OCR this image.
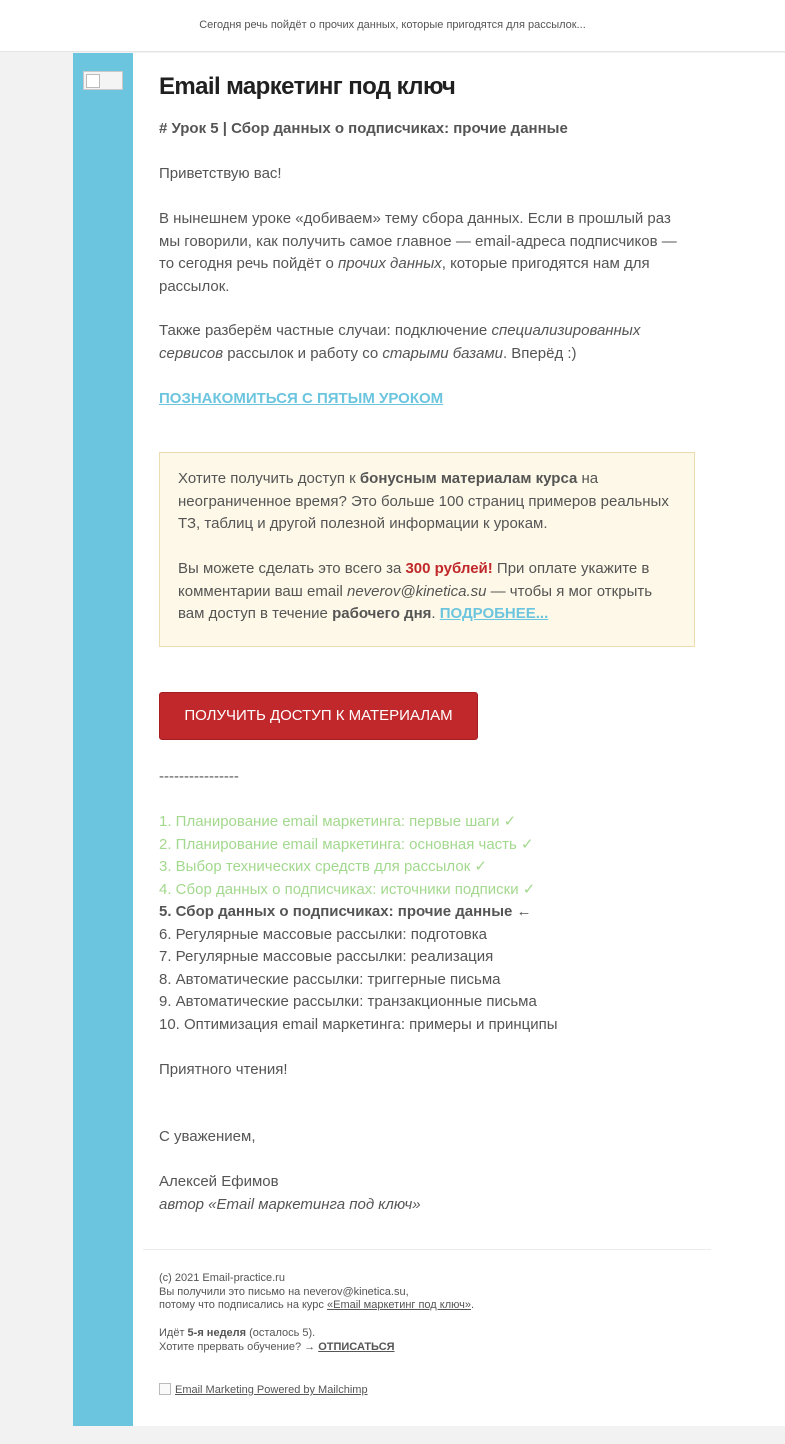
Сегодня речь пойдёт о прочих данных, которые пригодятся для рассылок...
Email маркетинг под ключ
# Урок 5 | Сбор данных о подписчиках: прочие данные
Приветствую вас!
В нынешнем уроке «добиваем» тему сбора данных. Если в прошлый раз мы говорили, как получить самое главное — email-адреса подписчиков — то сегодня речь пойдёт о прочих данных, которые пригодятся нам для рассылок.
Также разберём частные случаи: подключение специализированных сервисов рассылок и работу со старыми базами. Вперёд :)
ПОЗНАКОМИТЬСЯ С ПЯТЫМ УРОКОМ

Хотите получить доступ к бонусным материалам курса на неограниченное время? Это больше 100 страниц примеров реальных ТЗ, таблиц и другой полезной информации к урокам.

Вы можете сделать это всего за 300 рублей! При оплате укажите в комментарии ваш email neverov@kinetica.su — чтобы я мог открыть вам доступ в течение рабочего дня. ПОДРОБНЕЕ...

ПОЛУЧИТЬ ДОСТУП К МАТЕРИАЛАМ
----------------
1. Планирование email маркетинга: первые шаги ✓
2. Планирование email маркетинга: основная часть ✓
3. Выбор технических средств для рассылок ✓
4. Сбор данных о подписчиках: источники подписки ✓
5. Сбор данных о подписчиках: прочие данные ←
6. Регулярные массовые рассылки: подготовка
7. Регулярные массовые рассылки: реализация
8. Автоматические рассылки: триггерные письма
9. Автоматические рассылки: транзакционные письма
10. Оптимизация email маркетинга: примеры и принципы
Приятного чтения!
С уважением,
Алексей Ефимов
автор «Email маркетинга под ключ»
(c) 2021 Email-practice.ru
Вы получили это письмо на neverov@kinetica.su,
потому что подписались на курс «Email маркетинг под ключ».
Идёт 5-я неделя (осталось 5).
Хотите прервать обучение? → ОТПИСАТЬСЯ
Email Marketing Powered by Mailchimp
